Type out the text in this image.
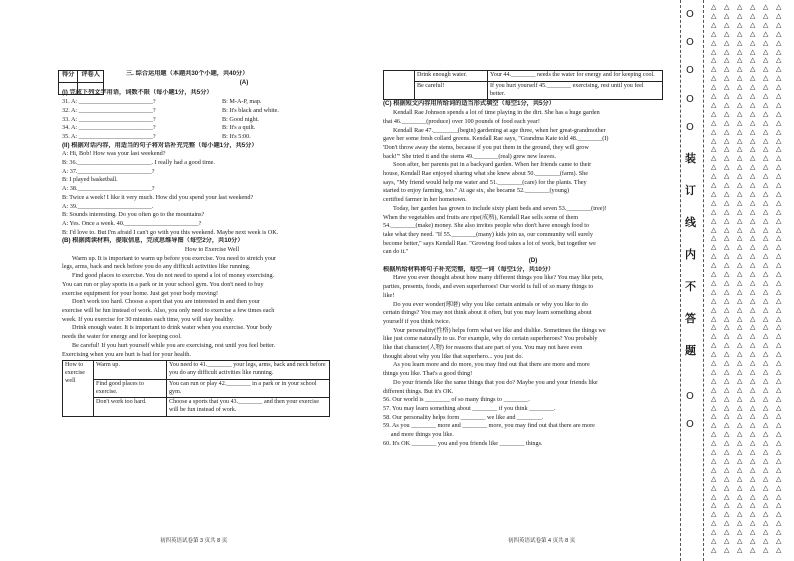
得分	评卷人
		三. 综合运用题（本题共30个小题，共40分）

(A)

(I) 完成下列文字用语，词数不限（每小题1分，共5分）

31. A: ________________________?	B: M-A-P, map.
32. A: ________________________?	B: It's black and white.
33. A: ________________________?	B: Good night.
34. A: ________________________?	B: It's a quilt.
35. A: ________________________?	B: It's 5:00.

(II) 根据对话内容，用适当的句子将对话补充完整（每小题1分，共5分）

A: Hi, Bob! How was your last weekend?

B: 36.________________________. I really had a good time.

A: 37.________________________?

B: I played basketball.

A: 38.________________________?

B: Twice a week! I like it very much. How did you spend your last weekend?

A: 39.________________________.

B: Sounds interesting. Do you often go to the mountains?

A: Yes. Once a week. 40.________________________?

B: I'd love to. But I'm afraid I can't go with you this weekend. Maybe next week is OK.

(B) 根据阅读材料，提取信息，完成思维导图（每空2分，共10分）

How to Exercise Well

Warm up. It is important to warm up before you exercise. You need to stretch your

legs, arms, back and neck before you do any difficult activities like running.

Find good places to exercise. You do not need to spend a lot of money exercising.

You can run or play sports in a park or in your school gym. You don't need to buy

exercise equipment for your home. Just get your body moving!

Don't work too hard. Choose a sport that you are interested in and then your

exercise will be fun instead of work. Also, you only need to exercise a few times each

week. If you exercise for 30 minutes each time, you will stay healthy.

Drink enough water. It is important to drink water when you exercise. Your body

needs the water for energy and for keeping cool.

Be careful! If you hurt yourself while you are exercising, rest until you feel better.

Exercising when you are hurt is bad for your health.

How to exercise well	Warm up.	You need to 41.________ your legs, arms, back and neck before you do any difficult activities like running.
	Find good places to exercise.	You can run or play 42.________ in a park or in your school gym.
	Don't work too hard.	Choose a sports that you 43.________ and then your exercise will be fun instead of work.
初四英语试卷第 3 页共 8 页
	Drink enough water.	Your 44.________ needs the water for energy and for keeping cool.
	Be careful!	If you hurt yourself 45.________ exercising, rest until you feel better.

(C) 根据短文内容用所给词的适当形式填空（每空1分，共5分）

Kendall Rae Johnson spends a lot of time playing in the dirt. She has a huge garden

that 46.________(produce) over 100 pounds of food each year!

Kendall Rae 47.________(begin) gardening at age three, when her great-grandmother

gave her some fresh collard greens. Kendall Rae says, "Grandma Kate told 48.________(I)

'Don't throw away the stems, because if you put them in the ground, they will grow

back!'" She tried it and the stems 49.________(real) grew new leaves.

Soon after, her parents put in a backyard garden. When her friends came to their

house, Kendall Rae enjoyed sharing what she knew about 50.________(farm). She

says, "My friend would help me water and 51.________(care) for the plants. They

started to enjoy farming, too." At age six, she became 52.________(young)

certified farmer in her hometown.

Today, her garden has grown to include sixty plant beds and seven 53.________(tree)!

When the vegetables and fruits are ripe(成熟), Kendall Rae sells some of them

54.________(make) money. She also invites people who don't have enough food to

take what they need. "If 55.________(many) kids join us, our community will surely

become better," says Kendall Rae. "Growing food takes a lot of work, but together we

can do it."

(D)

根据所给材料将句子补充完整，每空一词（每空1分，共10分）

Have you ever thought about how many different things you like? You may like pets,

parties, presents, foods, and even superheroes! Our world is full of so many things to

like!

Do you ever wonder(琢磨) why you like certain animals or why you like to do

certain things? You may not think about it often, but you may learn something about

yourself if you think twice.

Your personality(性格) helps form what we like and dislike. Sometimes the things we

like just come naturally to us. For example, why do certain superheroes? You probably

like that character(人物) for reasons that are part of you. You may not have even

thought about why you like that superhero... you just do.

As you learn more and do more, you may find out that there are more and more

things you like. That's a good thing!

Do your friends like the same things that you do? Maybe you and your friends like

different things. But it's OK.

56. Our world is ________ of so many things to ________.

57. You may learn something about ________ if you think ________.

58. Our personality helps form ________ we like and ________.

59. As you ________ more and ________ more, you may find out that there are more

and more things you like.

60. It's OK ________ you and you friends like ________ things.

初四英语试卷第 4 页共 8 页
O
O
O
O
O
O
O
装
订
线
内
不
答
题
△ △ △ △ △ △
△ △ △ △ △ △
△ △ △ △ △ △
△ △ △ △ △ △
△ △ △ △ △ △
△ △ △ △ △ △
△ △ △ △ △ △
△ △ △ △ △ △
△ △ △ △ △ △
△ △ △ △ △ △
△ △ △ △ △ △
△ △ △ △ △ △
△ △ △ △ △ △
△ △ △ △ △ △
△ △ △ △ △ △
△ △ △ △ △ △
△ △ △ △ △ △
△ △ △ △ △ △
△ △ △ △ △ △
△ △ △ △ △ △
△ △ △ △ △ △
△ △ △ △ △ △
△ △ △ △ △ △
△ △ △ △ △ △
△ △ △ △ △ △
△ △ △ △ △ △
△ △ △ △ △ △
△ △ △ △ △ △
△ △ △ △ △ △
△ △ △ △ △ △
△ △ △ △ △ △
△ △ △ △ △ △
△ △ △ △ △ △
△ △ △ △ △ △
△ △ △ △ △ △
△ △ △ △ △ △
△ △ △ △ △ △
△ △ △ △ △ △
△ △ △ △ △ △
△ △ △ △ △ △
△ △ △ △ △ △
△ △ △ △ △ △
△ △ △ △ △ △
△ △ △ △ △ △
△ △ △ △ △ △
△ △ △ △ △ △
△ △ △ △ △ △
△ △ △ △ △ △
△ △ △ △ △ △
△ △ △ △ △ △
△ △ △ △ △ △
△ △ △ △ △ △
△ △ △ △ △ △
△ △ △ △ △ △
△ △ △ △ △ △
△ △ △ △ △ △
△ △ △ △ △ △
△ △ △ △ △ △
△ △ △ △ △ △
△ △ △ △ △ △
△ △ △ △ △ △
△ △ △ △ △ △
